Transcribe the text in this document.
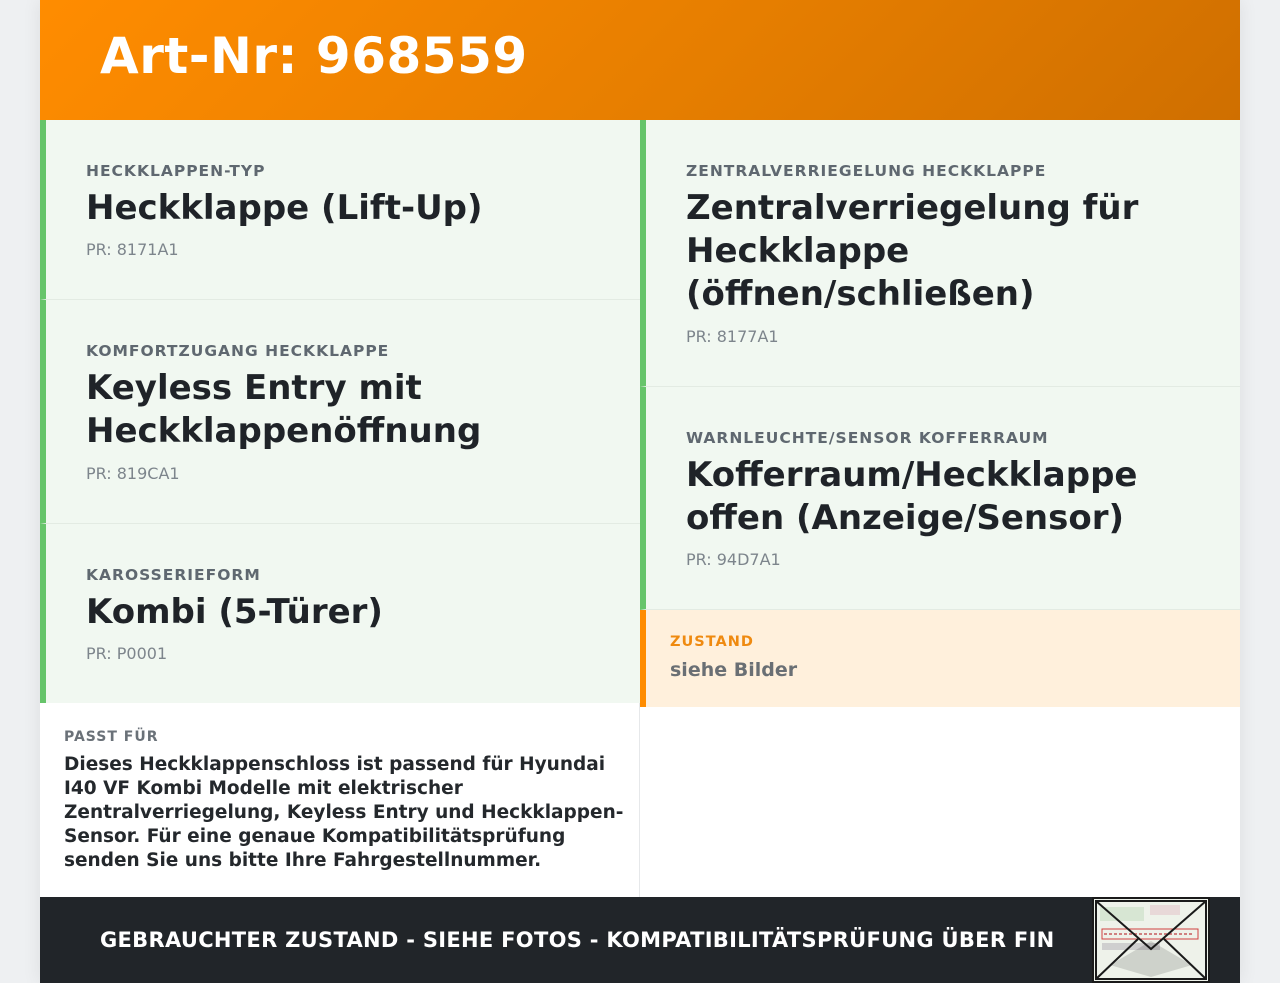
Art-Nr: 968559
HECKKLAPPEN-TYP
Heckklappe (Lift-Up)
PR: 8171A1
KOMFORTZUGANG HECKKLAPPE
Keyless Entry mit Heckklappenöffnung
PR: 819CA1
KAROSSERIEFORM
Kombi (5-Türer)
PR: P0001
ZENTRALVERRIEGELUNG HECKKLAPPE
Zentralverriegelung für Heckklappe (öffnen/schließen)
PR: 8177A1
WARNLEUCHTE/SENSOR KOFFERRAUM
Kofferraum/Heckklappe offen (Anzeige/Sensor)
PR: 94D7A1
ZUSTAND
siehe Bilder
PASST FÜR
Dieses Heckklappenschloss ist passend für Hyundai I40 VF Kombi Modelle mit elektrischer Zentralverriegelung, Keyless Entry und Heckklappen-Sensor. Für eine genaue Kompatibilitätsprüfung senden Sie uns bitte Ihre Fahrgestellnummer.
GEBRAUCHTER ZUSTAND - SIEHE FOTOS - KOMPATIBILITÄTSPRÜFUNG ÜBER FIN
